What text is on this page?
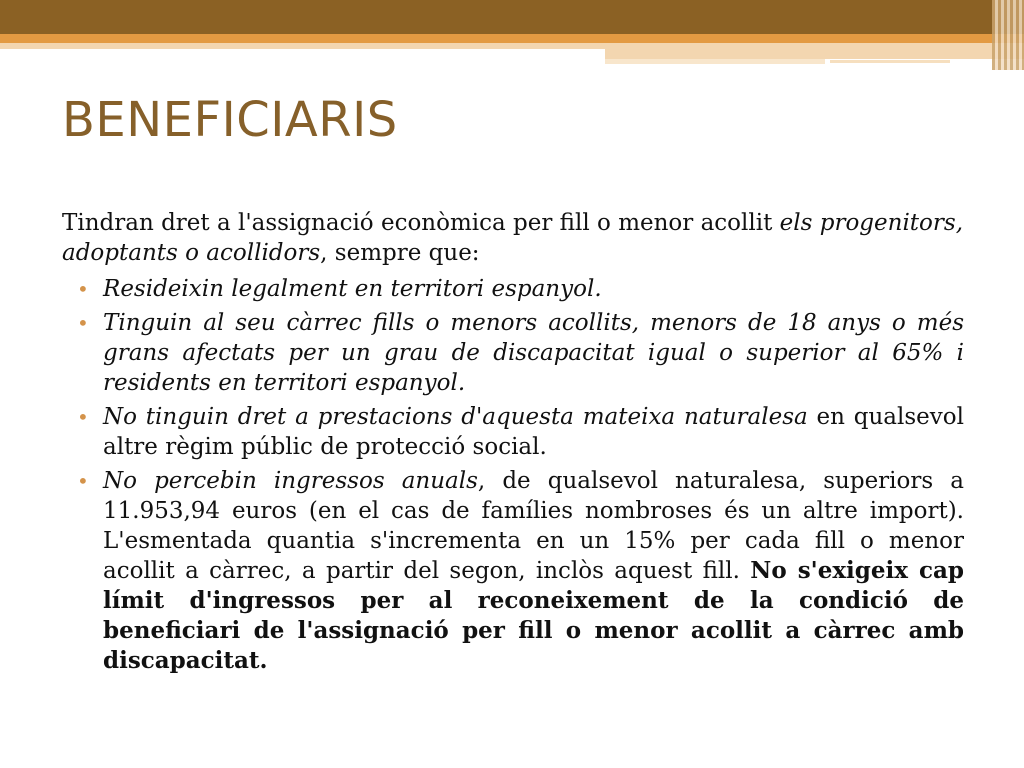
BENEFICIARIS

Tindran dret a l'assignació econòmica per fill o menor acollit els progenitors, adoptants o acollidors, sempre que:

• Resideixin legalment en territori espanyol.
• Tinguin al seu càrrec fills o menors acollits, menors de 18 anys o més grans afectats per un grau de discapacitat igual o superior al 65% i residents en territori espanyol.
• No tinguin dret a prestacions d'aquesta mateixa naturalesa en qualsevol altre règim públic de protecció social.
• No percebin ingressos anuals, de qualsevol naturalesa, superiors a 11.953,94 euros (en el cas de famílies nombroses és un altre import). L'esmentada quantia s'incrementa en un 15% per cada fill o menor acollit a càrrec, a partir del segon, inclòs aquest fill. No s'exigeix cap límit d'ingressos per al reconeixement de la condició de beneficiari de l'assignació per fill o menor acollit a càrrec amb discapacitat.
